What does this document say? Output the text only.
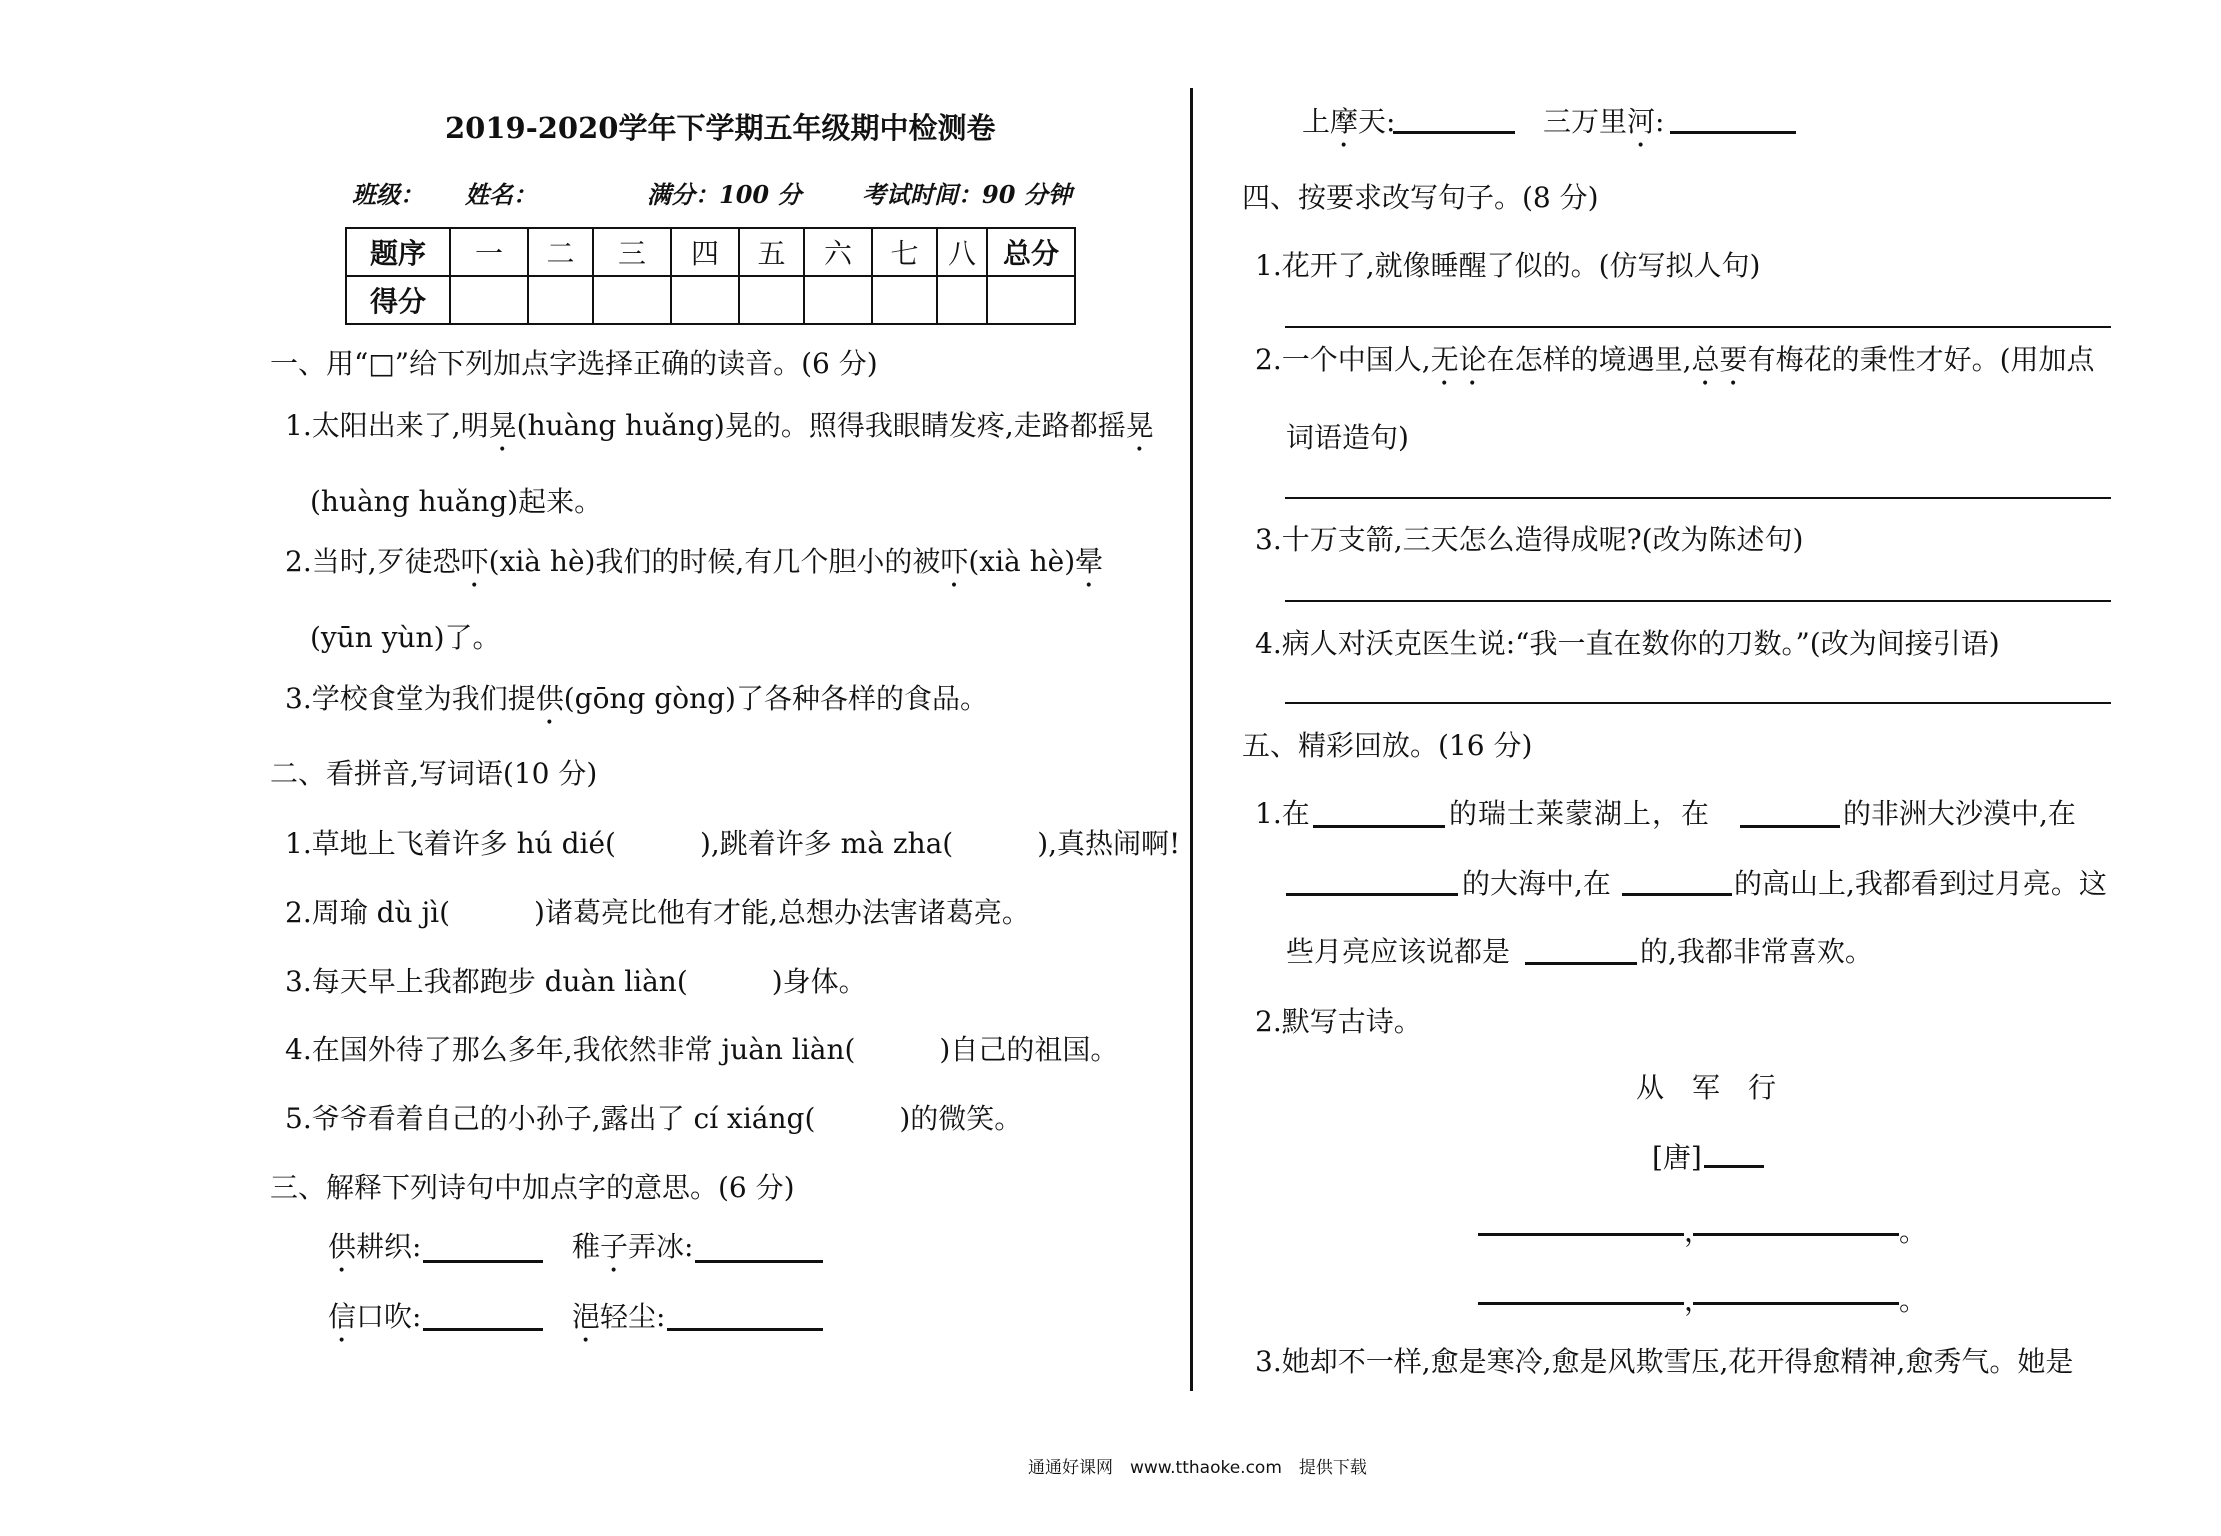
2019-2020学年下学期五年级期中检测卷
班级： 姓名：	满分：100 分	考试时间：90 分钟
题序	一	二	三	四	五	六	七	八	总分
得分									
一、用“□”给下列加点字选择正确的读音。(6 分)
1.太阳出来了,明晃(huàng huǎng)晃的。照得我眼睛发疼,走路都摇晃
(huàng huǎng)起来。
2.当时,歹徒恐吓(xià hè)我们的时候,有几个胆小的被吓(xià hè)晕
(yūn yùn)了。
3.学校食堂为我们提供(gōng gòng)了各种各样的食品。
二、看拼音,写词语(10 分)
1.草地上飞着许多 hú dié(　　　),跳着许多 mà zha(　　　),真热闹啊!
2.周瑜 dù jì(　　　)诸葛亮比他有才能,总想办法害诸葛亮。
3.每天早上我都跑步 duàn liàn(　　　)身体。
4.在国外待了那么多年,我依然非常 juàn liàn(　　　)自己的祖国。
5.爷爷看着自己的小孙子,露出了 cí xiáng(　　　)的微笑。
三、解释下列诗句中加点字的意思。(6 分)
供耕织:	稚子弄冰:
信口吹:	浥轻尘:
上摩天:	三万里河:
四、按要求改写句子。(8 分)
1.花开了,就像睡醒了似的。(仿写拟人句)
2.一个中国人,无论在怎样的境遇里,总要有梅花的秉性才好。(用加点
词语造句)
3.十万支箭,三天怎么造得成呢?(改为陈述句)
4.病人对沃克医生说:“我一直在数你的刀数。”(改为间接引语)
五、精彩回放。(16 分)
1.在	的瑞士莱蒙湖上，在	的非洲大沙漠中,在
的大海中,在	的高山上,我都看到过月亮。这
些月亮应该说都是	的,我都非常喜欢。
2.默写古诗。
从　军　行
[唐]
，	。
，	。
3.她却不一样,愈是寒冷,愈是风欺雪压,花开得愈精神,愈秀气。她是
通通好课网　www.tthaoke.com　提供下载
